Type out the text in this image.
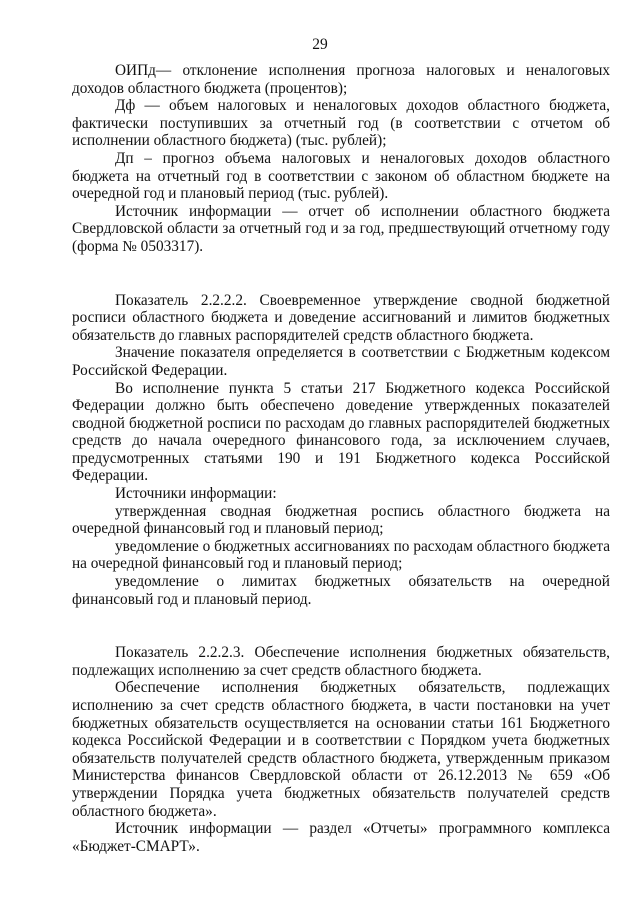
29

ОИПд— отклонение исполнения прогноза налоговых и неналоговых доходов областного бюджета (процентов);

Дф — объем налоговых и неналоговых доходов областного бюджета, фактически поступивших за отчетный год (в соответствии с отчетом об исполнении областного бюджета) (тыс. рублей);

Дп – прогноз объема налоговых и неналоговых доходов областного бюджета на отчетный год в соответствии с законом об областном бюджете на очередной год и плановый период (тыс. рублей).

Источник информации — отчет об исполнении областного бюджета Свердловской области за отчетный год и за год, предшествующий отчетному году (форма № 0503317).

Показатель 2.2.2.2. Своевременное утверждение сводной бюджетной росписи областного бюджета и доведение ассигнований и лимитов бюджетных обязательств до главных распорядителей средств областного бюджета.

Значение показателя определяется в соответствии с Бюджетным кодексом Российской Федерации.

Во исполнение пункта 5 статьи 217 Бюджетного кодекса Российской Федерации должно быть обеспечено доведение утвержденных показателей сводной бюджетной росписи по расходам до главных распорядителей бюджетных средств до начала очередного финансового года, за исключением случаев, предусмотренных статьями 190 и 191 Бюджетного кодекса Российской Федерации.

Источники информации:

утвержденная сводная бюджетная роспись областного бюджета на очередной финансовый год и плановый период;

уведомление о бюджетных ассигнованиях по расходам областного бюджета на очередной финансовый год и плановый период;

уведомление о лимитах бюджетных обязательств на очередной финансовый год и плановый период.

Показатель 2.2.2.3. Обеспечение исполнения бюджетных обязательств, подлежащих исполнению за счет средств областного бюджета.

Обеспечение исполнения бюджетных обязательств, подлежащих исполнению за счет средств областного бюджета, в части постановки на учет бюджетных обязательств осуществляется на основании статьи 161 Бюджетного кодекса Российской Федерации и в соответствии с Порядком учета бюджетных обязательств получателей средств областного бюджета, утвержденным приказом Министерства финансов Свердловской области от 26.12.2013 № 659 «Об утверждении Порядка учета бюджетных обязательств получателей средств областного бюджета».

Источник информации — раздел «Отчеты» программного комплекса «Бюджет-СМАРТ».
